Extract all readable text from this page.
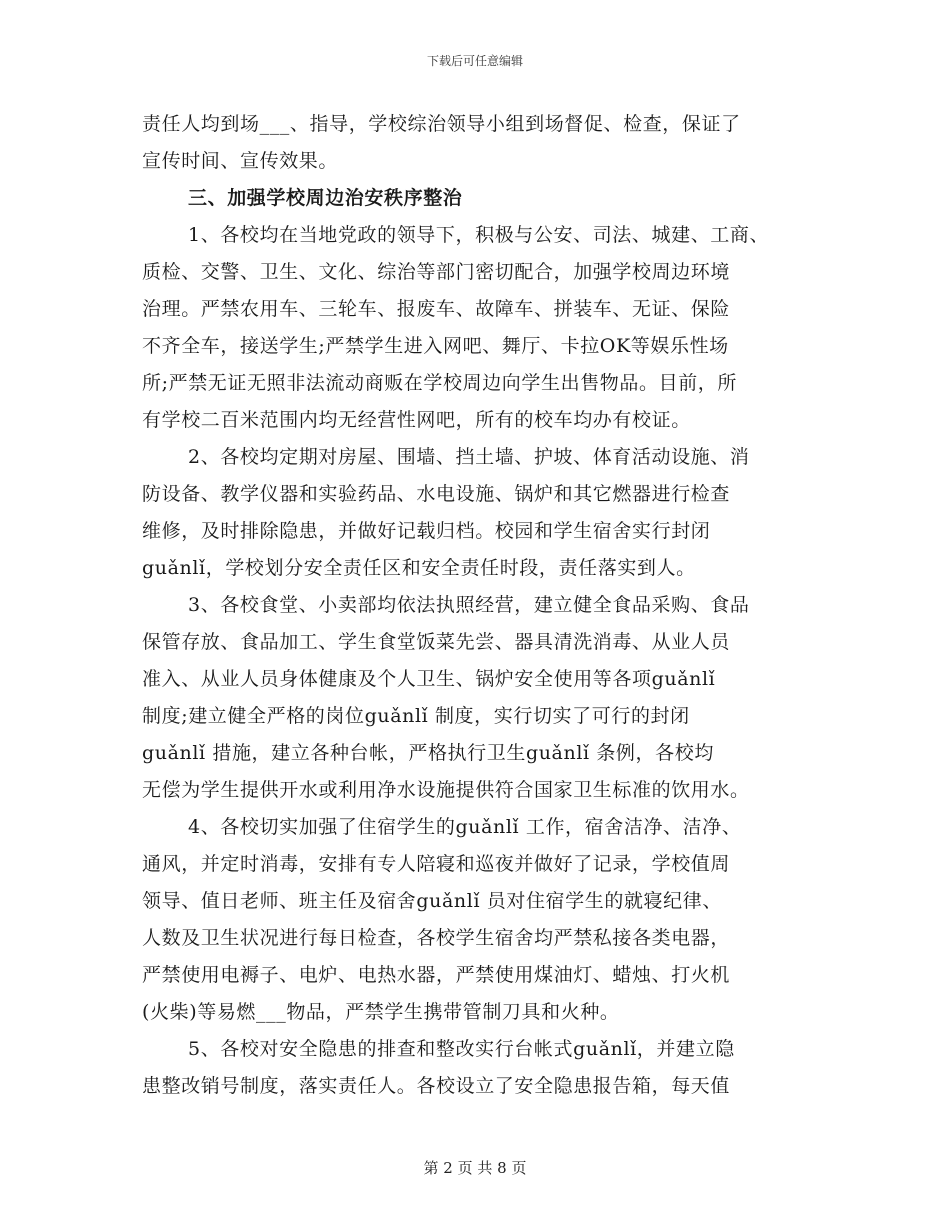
下载后可任意编辑
责任人均到场___、指导，学校综治领导小组到场督促、检查，保证了
宣传时间、宣传效果。
三、加强学校周边治安秩序整治
1、各校均在当地党政的领导下，积极与公安、司法、城建、工商、
质检、交警、卫生、文化、综治等部门密切配合，加强学校周边环境
治理。严禁农用车、三轮车、报废车、故障车、拼装车、无证、保险
不齐全车，接送学生;严禁学生进入网吧、舞厅、卡拉OK等娱乐性场
所;严禁无证无照非法流动商贩在学校周边向学生出售物品。目前，所
有学校二百米范围内均无经营性网吧，所有的校车均办有校证。
2、各校均定期对房屋、围墙、挡土墙、护坡、体育活动设施、消
防设备、教学仪器和实验药品、水电设施、锅炉和其它燃器进行检查
维修，及时排除隐患，并做好记载归档。校园和学生宿舍实行封闭
guǎnlǐ，学校划分安全责任区和安全责任时段，责任落实到人。
3、各校食堂、小卖部均依法执照经营，建立健全食品采购、食品
保管存放、食品加工、学生食堂饭菜先尝、器具清洗消毒、从业人员
准入、从业人员身体健康及个人卫生、锅炉安全使用等各项guǎnlǐ
制度;建立健全严格的岗位guǎnlǐ 制度，实行切实了可行的封闭
guǎnlǐ 措施，建立各种台帐，严格执行卫生guǎnlǐ 条例，各校均
无偿为学生提供开水或利用净水设施提供符合国家卫生标准的饮用水。
4、各校切实加强了住宿学生的guǎnlǐ 工作，宿舍洁净、洁净、
通风，并定时消毒，安排有专人陪寝和巡夜并做好了记录，学校值周
领导、值日老师、班主任及宿舍guǎnlǐ 员对住宿学生的就寝纪律、
人数及卫生状况进行每日检查，各校学生宿舍均严禁私接各类电器，
严禁使用电褥子、电炉、电热水器，严禁使用煤油灯、蜡烛、打火机
(火柴)等易燃___物品，严禁学生携带管制刀具和火种。
5、各校对安全隐患的排查和整改实行台帐式guǎnlǐ，并建立隐
患整改销号制度，落实责任人。各校设立了安全隐患报告箱，每天值
第 2 页 共 8 页
